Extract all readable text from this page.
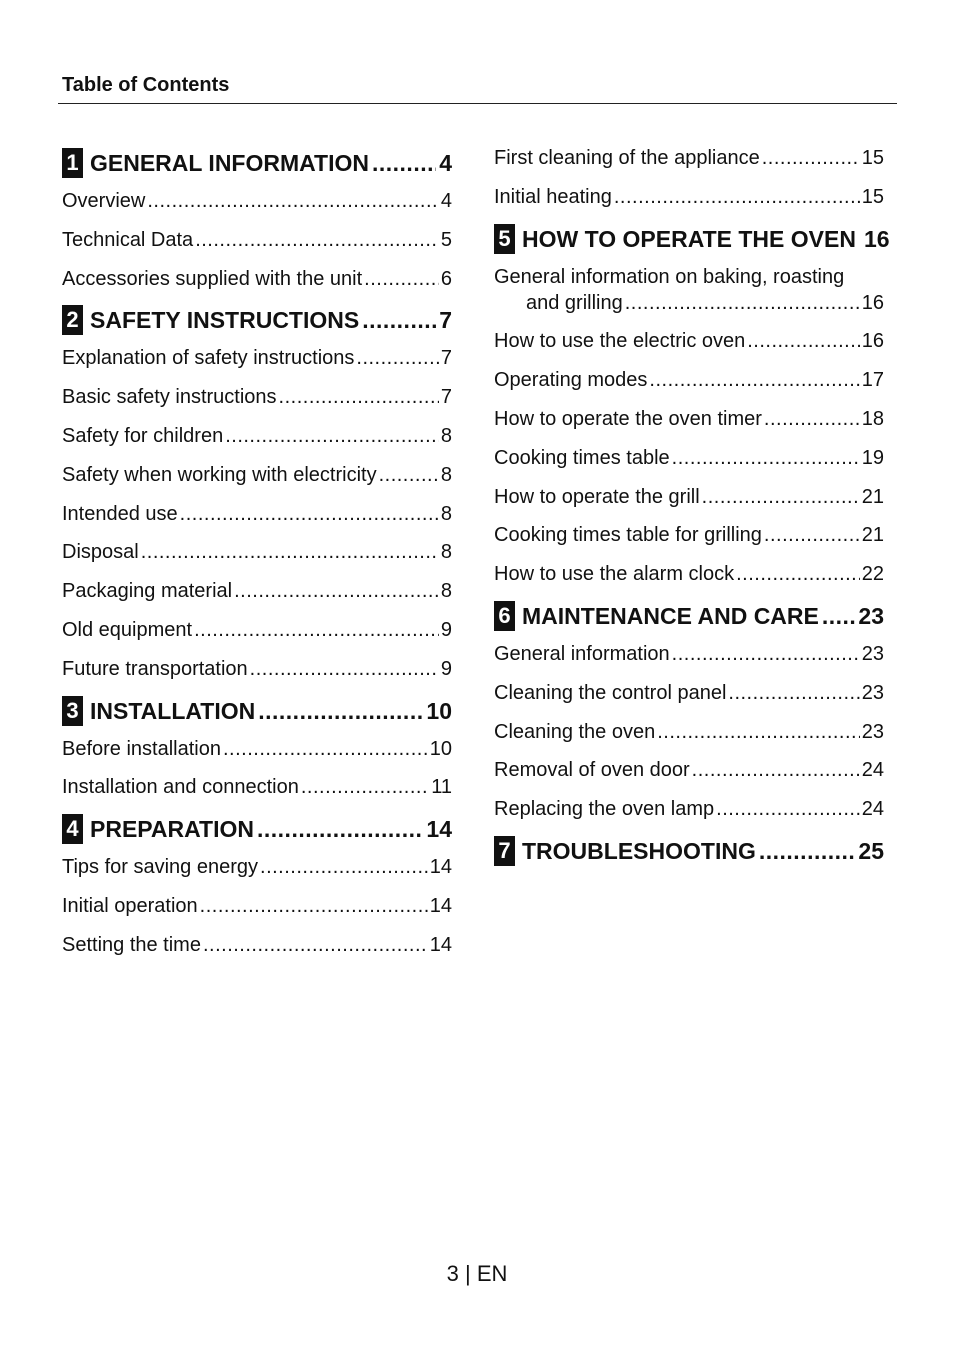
Table of Contents
1 GENERAL INFORMATION .....	4
Overview .....	4
Technical Data .....	5
Accessories supplied with the unit .....	6
2 SAFETY INSTRUCTIONS .....	7
Explanation of safety instructions .....	7
Basic safety instructions .....	7
Safety for children .....	8
Safety when working with electricity .....	8
Intended use .....	8
Disposal .....	8
Packaging material .....	8
Old equipment .....	9
Future transportation .....	9
3 INSTALLATION .....	10
Before installation .....	10
Installation and connection .....	11
4 PREPARATION .....	14
Tips for saving energy .....	14
Initial operation .....	14
Setting the time .....	14
First cleaning of the appliance .....	15
Initial heating .....	15
5 HOW TO OPERATE THE OVEN 16
General information on baking, roasting
and grilling .....	16
How to use the electric oven .....	16
Operating modes .....	17
How to operate the oven timer .....	18
Cooking times table .....	19
How to operate the grill .....	21
Cooking times table for grilling .....	21
How to use the alarm clock .....	22
6 MAINTENANCE AND CARE ..... 23
General information .....	23
Cleaning the control panel .....	23
Cleaning the oven .....	23
Removal of oven door .....	24
Replacing the oven lamp .....	24
7 TROUBLESHOOTING .....	25
3 | EN
